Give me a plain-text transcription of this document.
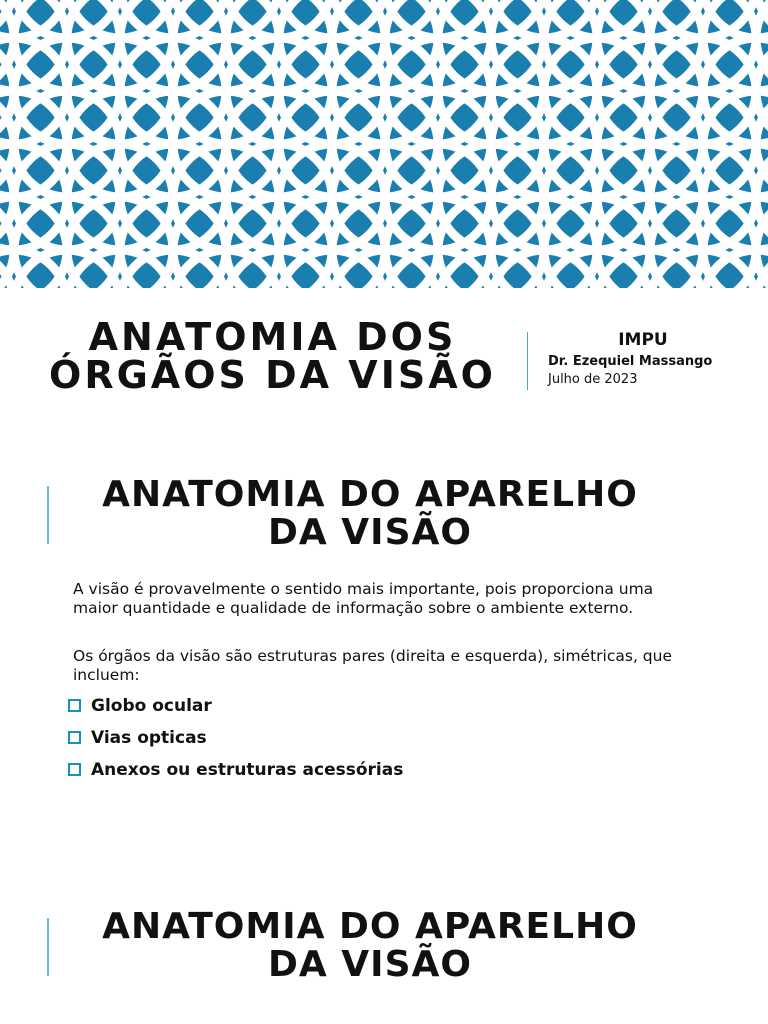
ANATOMIA DOS
ÓRGÃOS DA VISÃO

IMPU

Dr. Ezequiel Massango

Julho de 2023

ANATOMIA DO APARELHO
DA VISÃO

A visão é provavelmente o sentido mais importante, pois proporciona uma maior quantidade e qualidade de informação sobre o ambiente externo.

Os órgãos da visão são estruturas pares (direita e esquerda), simétricas, que incluem:

Globo ocular
Vias opticas
Anexos ou estruturas acessórias
ANATOMIA DO APARELHO
DA VISÃO
